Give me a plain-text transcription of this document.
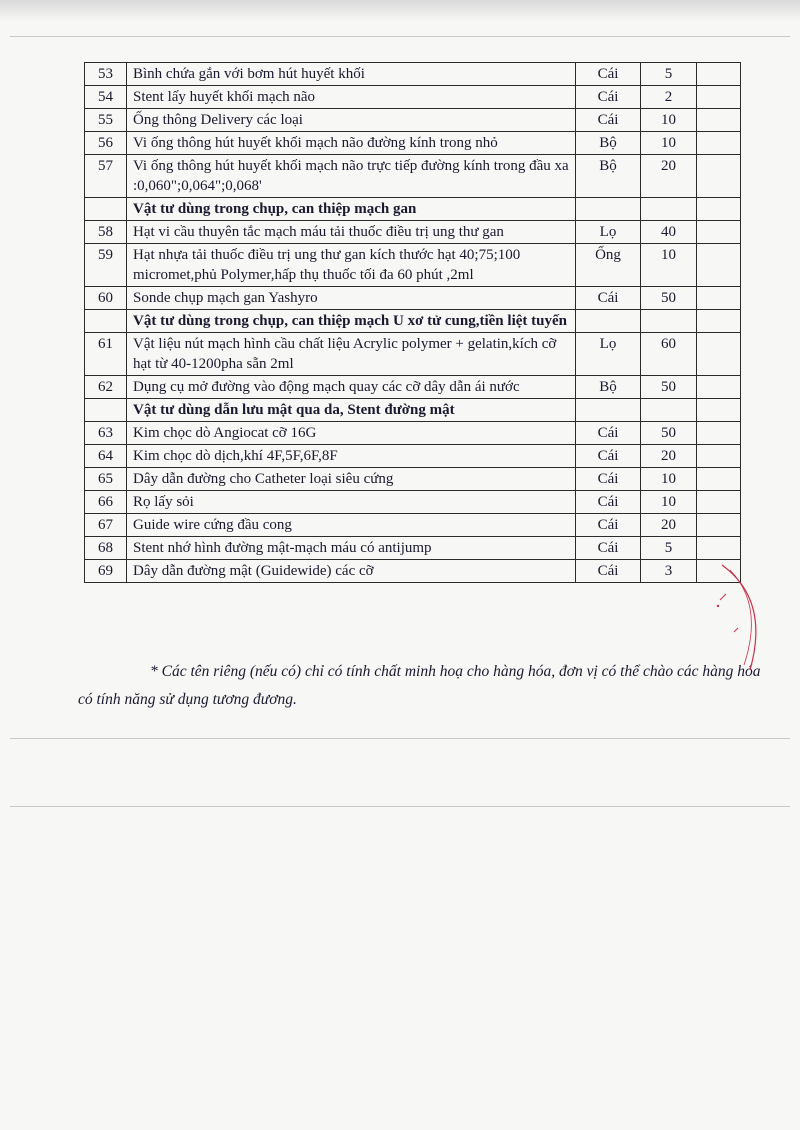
53	Bình chứa gắn với bơm hút huyết khối	Cái	5	
54	Stent lấy huyết khối mạch não	Cái	2	
55	Ống thông Delivery các loại	Cái	10	
56	Vi ống thông hút huyết khối mạch não đường kính trong nhỏ	Bộ	10	
57	Vi ống thông hút huyết khối mạch não trực tiếp đường kính trong đầu xa :0,060";0,064";0,068'	Bộ	20	
	Vật tư dùng trong chụp, can thiệp mạch gan			
58	Hạt vi cầu thuyên tắc mạch máu tải thuốc điều trị ung thư gan	Lọ	40	
59	Hạt nhựa tải thuốc điều trị ung thư gan kích thước hạt 40;75;100 micromet,phủ Polymer,hấp thụ thuốc tối đa 60 phút ,2ml	Ống	10	
60	Sonde chụp mạch gan Yashyro	Cái	50	
	Vật tư dùng trong chụp, can thiệp mạch U xơ tử cung,tiền liệt tuyến			
61	Vật liệu nút mạch hình cầu chất liệu Acrylic polymer + gelatin,kích cỡ hạt từ 40-1200pha sẵn 2ml	Lọ	60	
62	Dụng cụ mở đường vào động mạch quay các cỡ dây dẫn ái nước	Bộ	50	
	Vật tư dùng dẫn lưu mật qua da, Stent đường mật			
63	Kim chọc dò Angiocat cỡ 16G	Cái	50	
64	Kim chọc dò dịch,khí 4F,5F,6F,8F	Cái	20	
65	Dây dẫn đường cho Catheter loại siêu cứng	Cái	10	
66	Rọ lấy sỏi	Cái	10	
67	Guide wire cứng đầu cong	Cái	20	
68	Stent nhớ hình đường mật-mạch máu có antijump	Cái	5	
69	Dây dẫn đường mật (Guidewide) các cỡ	Cái	3	

* Các tên riêng (nếu có) chỉ có tính chất minh hoạ cho hàng hóa, đơn vị có thể chào các hàng hóa có tính năng sử dụng tương đương.
